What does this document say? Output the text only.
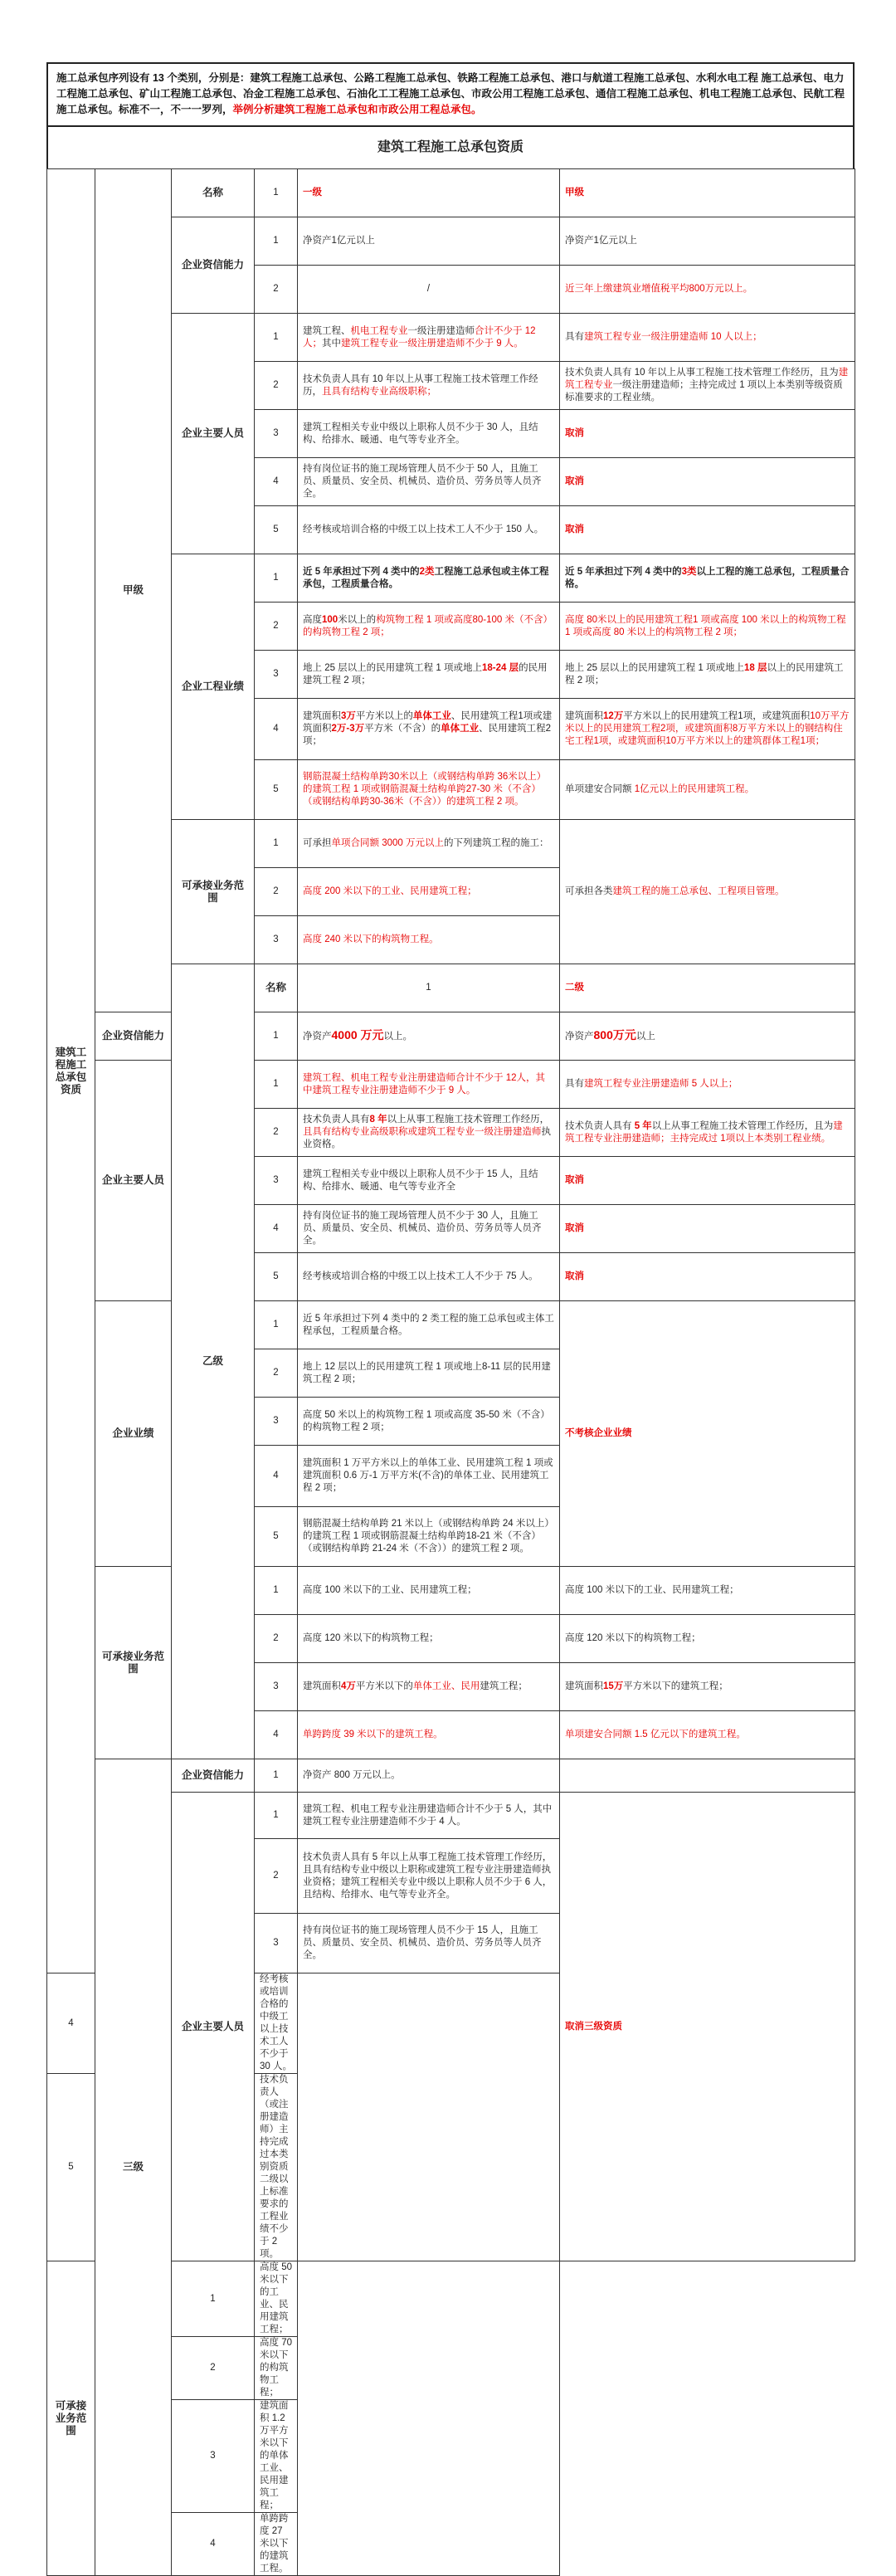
施工总承包序列设有 13 个类别，分别是：建筑工程施工总承包、公路工程施工总承包、铁路工程施工总承包、港口与航道工程施工总承包、水利水电工程 施工总承包、电力工程施工总承包、矿山工程施工总承包、冶金工程施工总承包、石油化工工程施工总承包、市政公用工程施工总承包、通信工程施工总承包、机电工程施工总承包、民航工程施工总承包。标准不一，不一一罗列，举例分析建筑工程施工总承包和市政公用工程总承包。
建筑工程施工总承包资质
建筑工程施工总承包资质	甲级	名称	1	一级	甲级	
		企业资信能力	1	净资产1亿元以上	净资产1亿元以上	
			2	/	近三年上缴建筑业增值税平均800万元以上。	
		企业主要人员	1	建筑工程、机电工程专业一级注册建造师合计不少于 12 人；其中建筑工程专业一级注册建造师不少于 9 人。	具有建筑工程专业一级注册建造师 10 人以上；	
			2	技术负责人具有 10 年以上从事工程施工技术管理工作经历，且具有结构专业高级职称；	技术负责人具有 10 年以上从事工程施工技术管理工作经历，且为建筑工程专业一级注册建造师；主持完成过 1 项以上本类别等级资质标准要求的工程业绩。	
			3	建筑工程相关专业中级以上职称人员不少于 30 人，且结构、给排水、暖通、电气等专业齐全。	取消	
			4	持有岗位证书的施工现场管理人员不少于 50 人，且施工员、质量员、安全员、机械员、造价员、劳务员等人员齐全。	取消	
			5	经考核或培训合格的中级工以上技术工人不少于 150 人。	取消	
		企业工程业绩	1	近 5 年承担过下列 4 类中的2类工程施工总承包或主体工程承包，工程质量合格。	近 5 年承担过下列 4 类中的3类以上工程的施工总承包，工程质量合格。	
			2	高度100米以上的构筑物工程 1 项或高度80-100 米（不含）的构筑物工程 2 项；	高度 80米以上的民用建筑工程1 项或高度 100 米以上的构筑物工程 1 项或高度 80 米以上的构筑物工程 2 项；	
			3	地上 25 层以上的民用建筑工程 1 项或地上18-24 层的民用建筑工程 2 项；	地上 25 层以上的民用建筑工程 1 项或地上18 层以上的民用建筑工程 2 项；	
			4	建筑面积3万平方米以上的单体工业、民用建筑工程1项或建筑面积2万-3万平方米（不含）的单体工业、民用建筑工程2项；	建筑面积12万平方米以上的民用建筑工程1项，或建筑面积10万平方米以上的民用建筑工程2项，或建筑面积8万平方米以上的钢结构住宅工程1项，或建筑面积10万平方米以上的建筑群体工程1项；	
			5	钢筋混凝土结构单跨30米以上（或钢结构单跨 36米以上）的建筑工程 1 项或钢筋混凝土结构单跨27-30 米（不含）（或钢结构单跨30-36米（不含））的建筑工程 2 项。	单项建安合同额 1亿元以上的民用建筑工程。	
		可承接业务范围	1	可承担单项合同额 3000 万元以上的下列建筑工程的施工：	可承担各类建筑工程的施工总承包、工程项目管理。	
			2	高度 200 米以下的工业、民用建筑工程；		
			3	高度 240 米以下的构筑物工程。		
		乙级	名称	1	二级	
	企业资信能力		1	净资产4000 万元以上。	净资产800万元以上	
	企业主要人员		1	建筑工程、机电工程专业注册建造师合计不少于 12人，其中建筑工程专业注册建造师不少于 9 人。	具有建筑工程专业注册建造师 5 人以上；	
			2	技术负责人具有8 年以上从事工程施工技术管理工作经历，且具有结构专业高级职称或建筑工程专业一级注册建造师执业资格。	技术负责人具有 5 年以上从事工程施工技术管理工作经历，且为建筑工程专业注册建造师；主持完成过 1项以上本类别工程业绩。	
			3	建筑工程相关专业中级以上职称人员不少于 15 人，且结构、给排水、暖通、电气等专业齐全	取消	
			4	持有岗位证书的施工现场管理人员不少于 30 人，且施工员、质量员、安全员、机械员、造价员、劳务员等人员齐全。	取消	
			5	经考核或培训合格的中级工以上技术工人不少于 75 人。	取消	
	企业业绩		1	近 5 年承担过下列 4 类中的 2 类工程的施工总承包或主体工程承包，工程质量合格。	不考核企业业绩	
			2	地上 12 层以上的民用建筑工程 1 项或地上8-11 层的民用建筑工程 2 项；		
			3	高度 50 米以上的构筑物工程 1 项或高度 35-50 米（不含）的构筑物工程 2 项；		
			4	建筑面积 1 万平方米以上的单体工业、民用建筑工程 1 项或建筑面积 0.6 万-1 万平方米(不含)的单体工业、民用建筑工程 2 项；		
			5	钢筋混凝土结构单跨 21 米以上（或钢结构单跨 24 米以上）的建筑工程 1 项或钢筋混凝土结构单跨18-21 米（不含）（或钢结构单跨 21-24 米（不含））的建筑工程 2 项。		
	可承接业务范围		1	高度 100 米以下的工业、民用建筑工程；	高度 100 米以下的工业、民用建筑工程；	
			2	高度 120 米以下的构筑物工程；	高度 120 米以下的构筑物工程；	
			3	建筑面积4万平方米以下的单体工业、民用建筑工程；	建筑面积15万平方米以下的建筑工程；	
			4	单跨跨度 39 米以下的建筑工程。	单项建安合同额 1.5 亿元以下的建筑工程。	
	三级	企业资信能力	1	净资产 800 万元以上。		
		企业主要人员	1	建筑工程、机电工程专业注册建造师合计不少于 5 人，其中建筑工程专业注册建造师不少于 4 人。	取消三级资质	
			2	技术负责人具有 5 年以上从事工程施工技术管理工作经历，且具有结构专业中级以上职称或建筑工程专业注册建造师执业资格；建筑工程相关专业中级以上职称人员不少于 6 人，且结构、给排水、电气等专业齐全。		
			3	持有岗位证书的施工现场管理人员不少于 15 人，且施工员、质量员、安全员、机械员、造价员、劳务员等人员齐全。		
4			经考核或培训合格的中级工以上技术工人不少于 30 人。			
5			技术负责人（或注册建造师）主持完成过本类别资质二级以上标准要求的工程业绩不少于 2 项。			
可承接业务范围		1	高度 50 米以下的工业、民用建筑工程；			
		2	高度 70 米以下的构筑物工程；			
		3	建筑面积 1.2 万平方米以下的单体工业、民用建筑工程；			
		4	单跨跨度 27 米以下的建筑工程。			
